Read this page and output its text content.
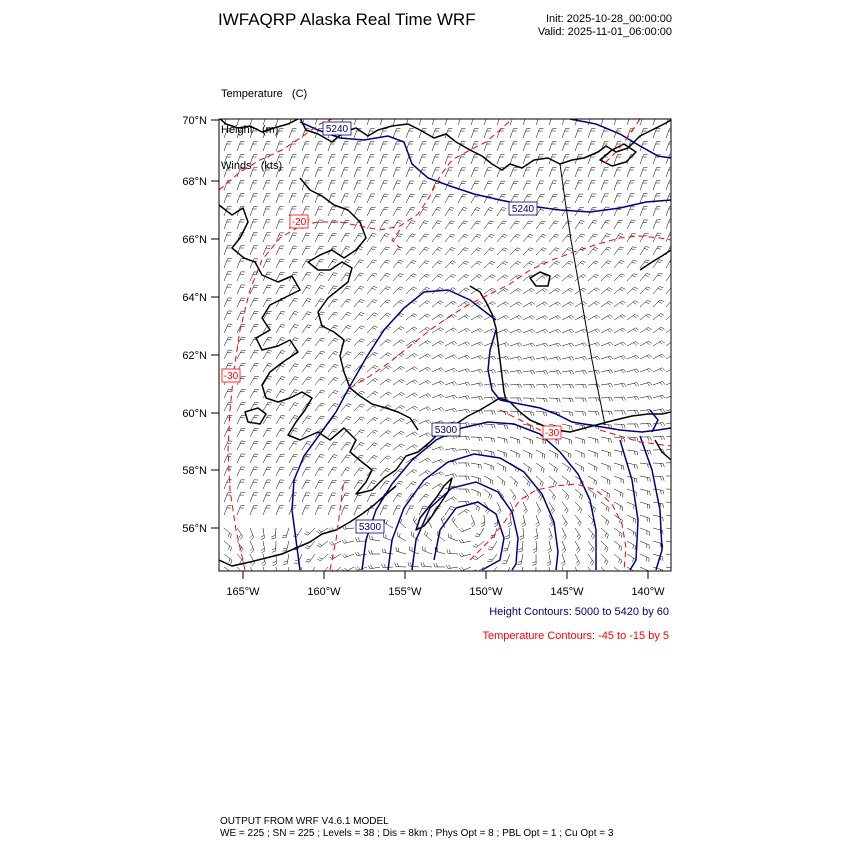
IWFAQRP Alaska Real Time WRF	Init: 2025-10-28_00:00:00
Valid: 2025-11-01_06:00:00

Temperature   (C)

Height   (m)

Winds   (kts)

5240
5240
5300
5300
-20
-30
-30
70°N
68°N
66°N
64°N
62°N
60°N
58°N
56°N
165°W	160°W	155°W	150°W	145°W	140°W
Height Contours: 5000 to 5420 by 60
Temperature Contours: -45 to -15 by 5
OUTPUT FROM WRF V4.6.1 MODEL
WE = 225 ; SN = 225 ; Levels = 38 ; Dis = 8km ; Phys Opt = 8 ; PBL Opt = 1 ; Cu Opt = 3
